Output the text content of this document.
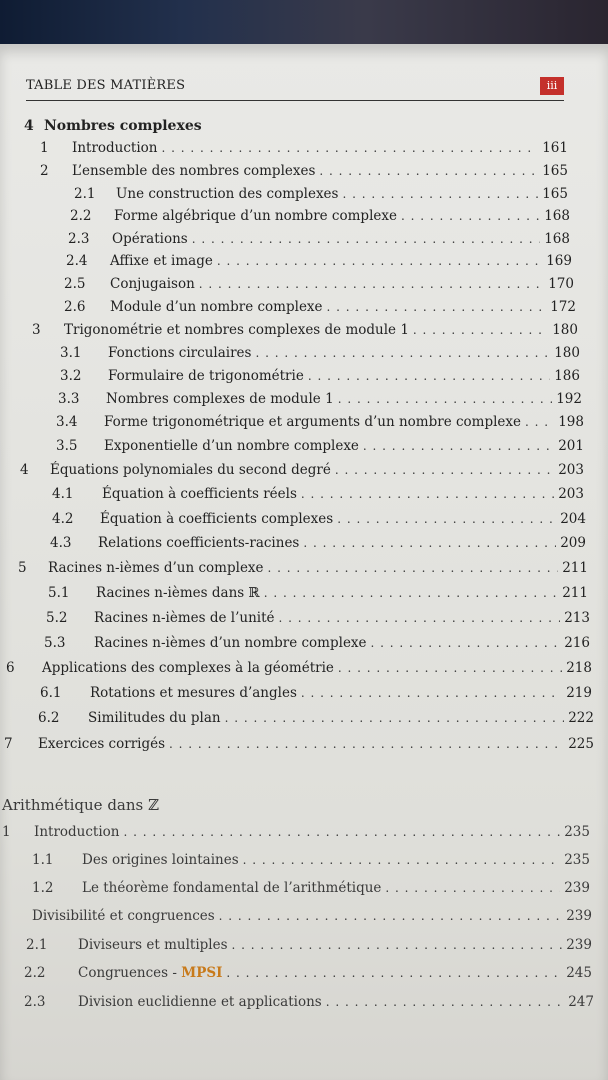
TABLE DES MATIÈRES	iii
4 Nombres complexes
Arithmétique dans ℤ
1	Introduction . . .	161
2	L’ensemble des nombres complexes . . .	165
2.1	Une construction des complexes . . .	165
2.2	Forme algébrique d’un nombre complexe . . .	168
2.3	Opérations . . .	168
2.4	Affixe et image . . .	169
2.5	Conjugaison . . .	170
2.6	Module d’un nombre complexe . . .	172
3	Trigonométrie et nombres complexes de module 1 . . .	180
3.1	Fonctions circulaires . . .	180
3.2	Formulaire de trigonométrie . . .	186
3.3	Nombres complexes de module 1 . . .	192
3.4	Forme trigonométrique et arguments d’un nombre complexe . . .	198
3.5	Exponentielle d’un nombre complexe . . .	201
4	Équations polynomiales du second degré . . .	203
4.1	Équation à coefficients réels . . .	203
4.2	Équation à coefficients complexes . . .	204
4.3	Relations coefficients-racines . . .	209
5	Racines n-ièmes d’un complexe . . .	211
5.1	Racines n-ièmes dans ℝ . . .	211
5.2	Racines n-ièmes de l’unité . . .	213
5.3	Racines n-ièmes d’un nombre complexe . . .	216
6	Applications des complexes à la géométrie . . .	218
6.1	Rotations et mesures d’angles . . .	219
6.2	Similitudes du plan . . .	222
7	Exercices corrigés . . .	225
1	Introduction . . .	235
1.1	Des origines lointaines . . .	235
1.2	Le théorème fondamental de l’arithmétique . . .	239
Divisibilité et congruences . . .	239
2.1	Diviseurs et multiples . . .	239
2.2	Congruences - MPSI . . .	245
2.3	Division euclidienne et applications . . .	247
